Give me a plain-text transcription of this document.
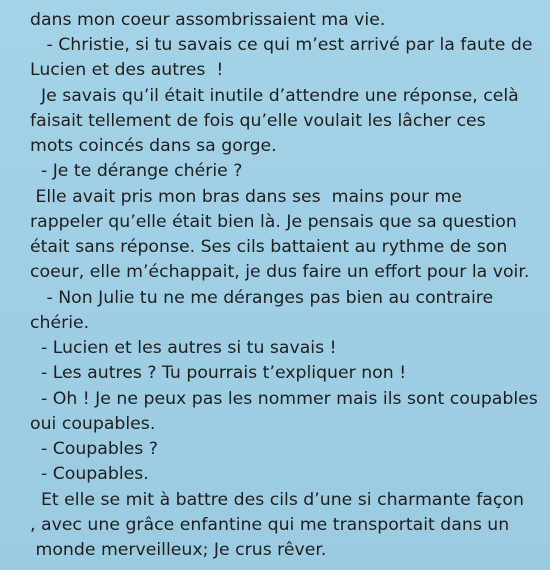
dans mon coeur assombrissaient ma vie.
- Christie, si tu savais ce qui m’est arrivé par la faute de
Lucien et des autres  !
Je savais qu’il était inutile d’attendre une réponse, celà
faisait tellement de fois qu’elle voulait les lâcher ces
mots coincés dans sa gorge.
- Je te dérange chérie ?
Elle avait pris mon bras dans ses  mains pour me
rappeler qu’elle était bien là. Je pensais que sa question
était sans réponse. Ses cils battaient au rythme de son
coeur, elle m’échappait, je dus faire un effort pour la voir.
- Non Julie tu ne me déranges pas bien au contraire
chérie.
- Lucien et les autres si tu savais !
- Les autres ? Tu pourrais t’expliquer non !
- Oh ! Je ne peux pas les nommer mais ils sont coupables
oui coupables.
- Coupables ?
- Coupables.
Et elle se mit à battre des cils d’une si charmante façon
, avec une grâce enfantine qui me transportait dans un
monde merveilleux; Je crus rêver.
